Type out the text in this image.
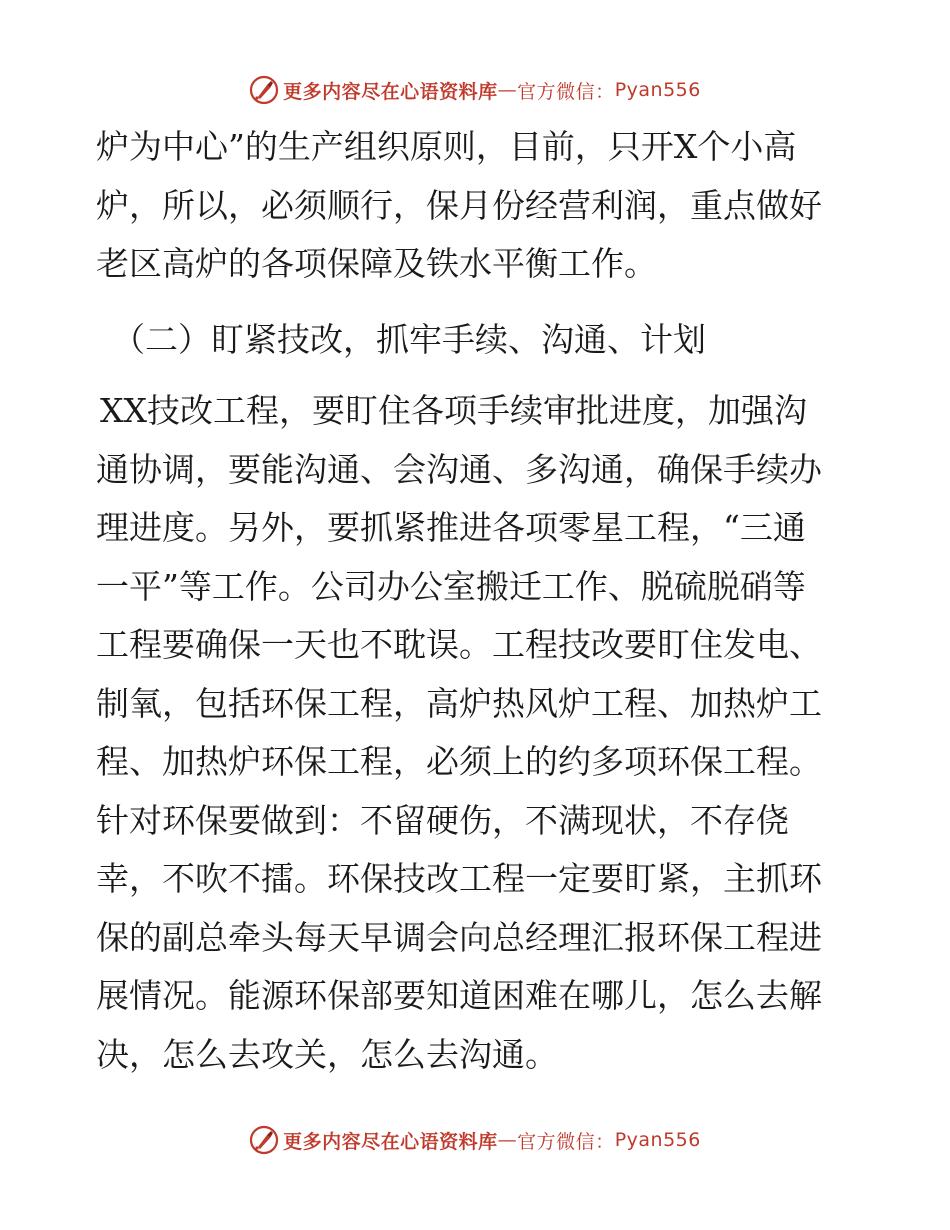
更多内容尽在心语资料库 — 官方微信 ： Pyan556
炉为中心”的生产组织原则，目前，只开X个小高
炉，所以，必须顺行，保月份经营利润，重点做好
老区高炉的各项保障及铁水平衡工作。
（二）盯紧技改，抓牢手续、沟通、计划
XX技改工程，要盯住各项手续审批进度，加强沟
通协调，要能沟通、会沟通、多沟通，确保手续办
理进度。另外，要抓紧推进各项零星工程，“三通
一平”等工作。公司办公室搬迁工作、脱硫脱硝等
工程要确保一天也不耽误。工程技改要盯住发电、
制氧，包括环保工程，高炉热风炉工程、加热炉工
程、加热炉环保工程，必须上的约多项环保工程。
针对环保要做到：不留硬伤，不满现状，不存侥
幸，不吹不擂。环保技改工程一定要盯紧，主抓环
保的副总牵头每天早调会向总经理汇报环保工程进
展情况。能源环保部要知道困难在哪儿，怎么去解
决，怎么去攻关，怎么去沟通。
更多内容尽在心语资料库 — 官方微信 ： Pyan556
